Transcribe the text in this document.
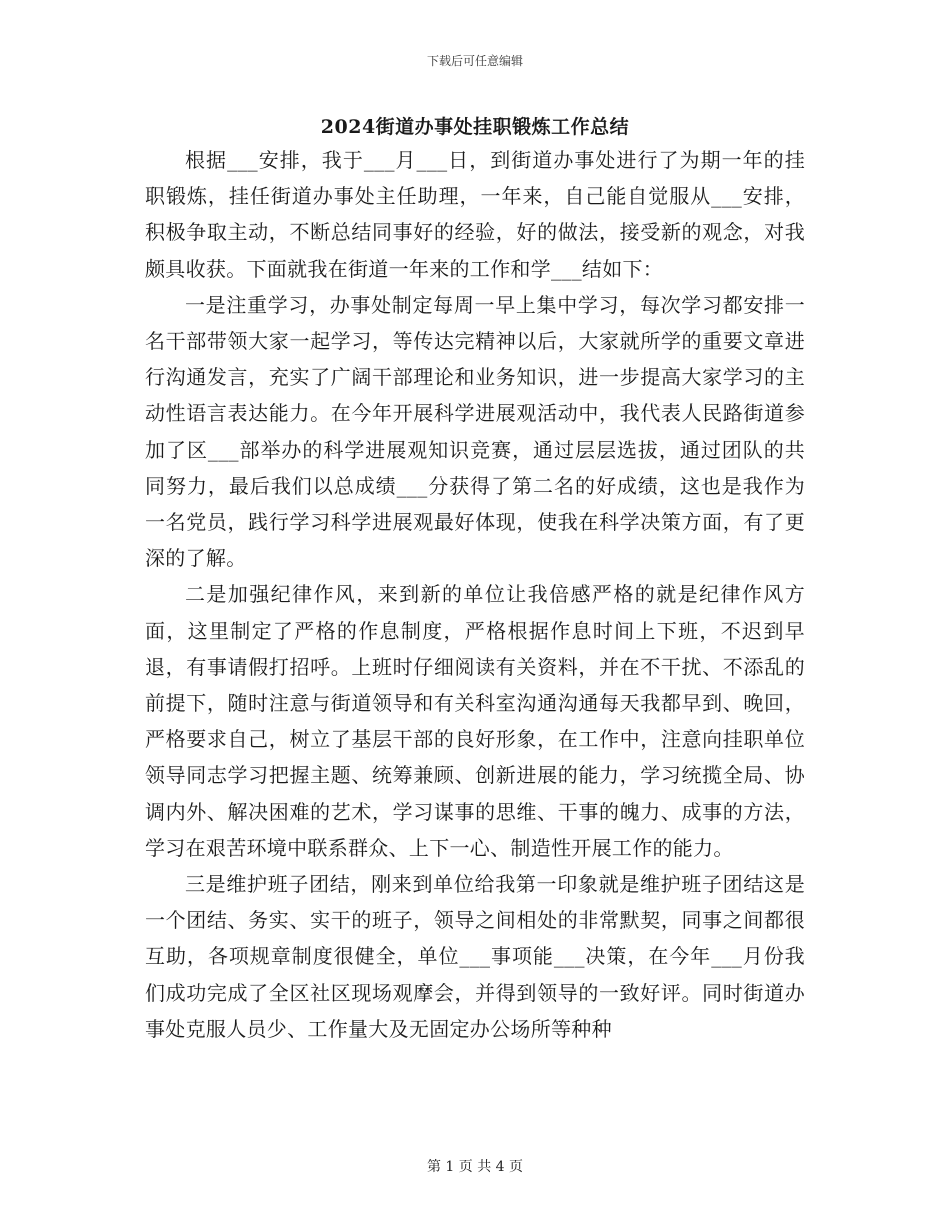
下载后可任意编辑
2024街道办事处挂职锻炼工作总结

根据___安排，我于___月___日，到街道办事处进行了为期一年的挂职锻炼，挂任街道办事处主任助理，一年来，自己能自觉服从___安排，积极争取主动，不断总结同事好的经验，好的做法，接受新的观念，对我颇具收获。下面就我在街道一年来的工作和学___结如下：

一是注重学习，办事处制定每周一早上集中学习，每次学习都安排一名干部带领大家一起学习，等传达完精神以后，大家就所学的重要文章进行沟通发言，充实了广阔干部理论和业务知识，进一步提高大家学习的主动性语言表达能力。在今年开展科学进展观活动中，我代表人民路街道参加了区___部举办的科学进展观知识竞赛，通过层层选拔，通过团队的共同努力，最后我们以总成绩___分获得了第二名的好成绩，这也是我作为一名党员，践行学习科学进展观最好体现，使我在科学决策方面，有了更深的了解。

二是加强纪律作风，来到新的单位让我倍感严格的就是纪律作风方面，这里制定了严格的作息制度，严格根据作息时间上下班，不迟到早退，有事请假打招呼。上班时仔细阅读有关资料，并在不干扰、不添乱的前提下，随时注意与街道领导和有关科室沟通沟通每天我都早到、晚回，严格要求自己，树立了基层干部的良好形象，在工作中，注意向挂职单位领导同志学习把握主题、统筹兼顾、创新进展的能力，学习统揽全局、协调内外、解决困难的艺术，学习谋事的思维、干事的魄力、成事的方法，学习在艰苦环境中联系群众、上下一心、制造性开展工作的能力。

三是维护班子团结，刚来到单位给我第一印象就是维护班子团结这是一个团结、务实、实干的班子，领导之间相处的非常默契，同事之间都很互助，各项规章制度很健全，单位___事项能___决策，在今年___月份我们成功完成了全区社区现场观摩会，并得到领导的一致好评。同时街道办事处克服人员少、工作量大及无固定办公场所等种种

第 1 页 共 4 页
